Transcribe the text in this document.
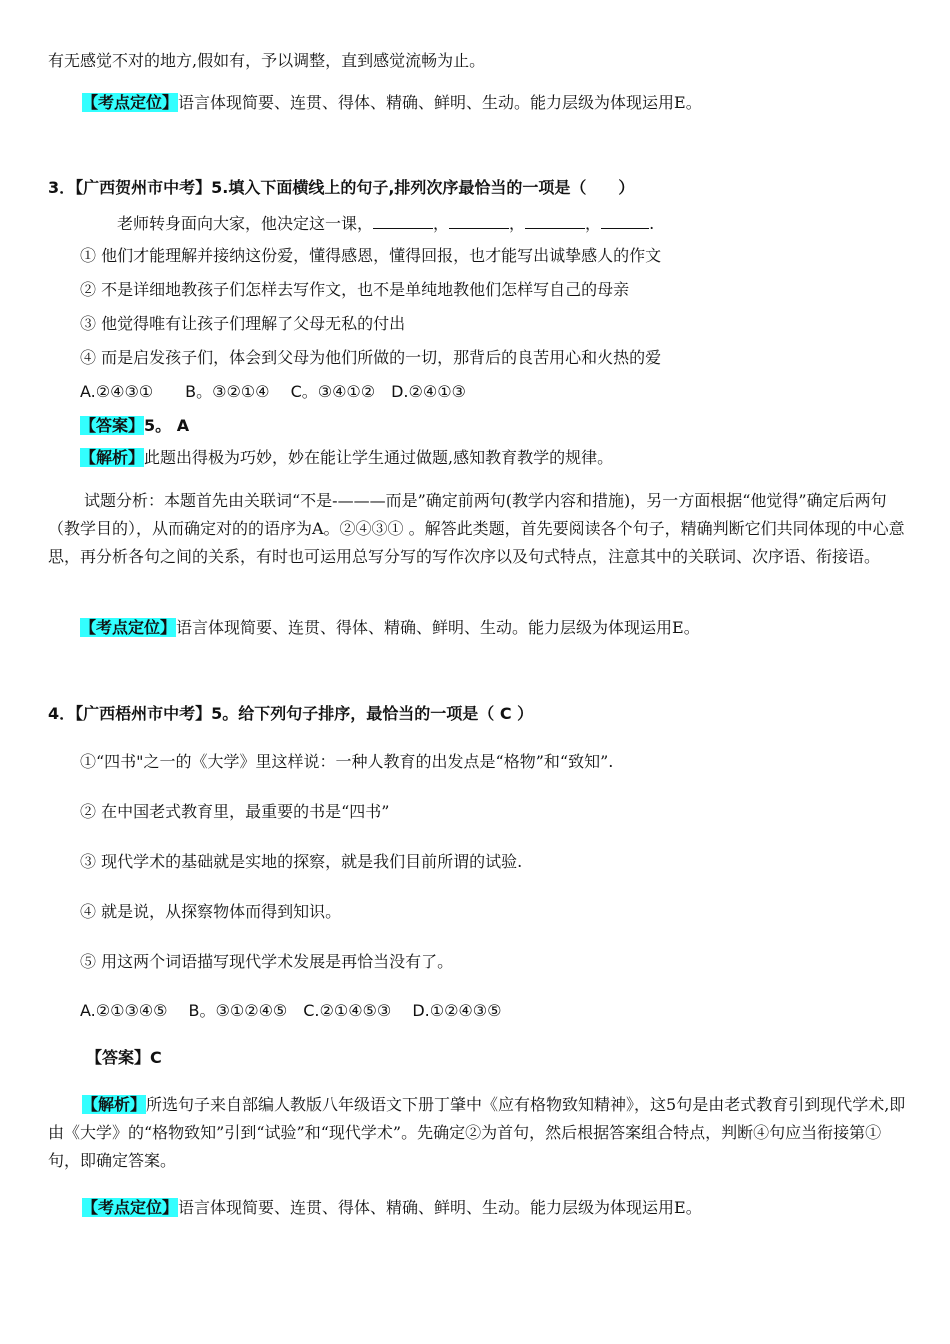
有无感觉不对的地方,假如有，予以调整，直到感觉流畅为止。
【考点定位】语言体现简要、连贯、得体、精确、鲜明、生动。能力层级为体现运用E。
3．【广西贺州市中考】5.填入下面横线上的句子,排列次序最恰当的一项是（　　）
老师转身面向大家，他决定这一课，	，	，	，	.
① 他们才能理解并接纳这份爱，懂得感恩，懂得回报，也才能写出诚挚感人的作文
② 不是详细地教孩子们怎样去写作文，也不是单纯地教他们怎样写自己的母亲
③ 他觉得唯有让孩子们理解了父母无私的付出
④ 而是启发孩子们，体会到父母为他们所做的一切，那背后的良苦用心和火热的爱
A.②④③①　　B。③②①④　 C。③④①②　D.②④①③
【答案】5。 A
【解析】此题出得极为巧妙，妙在能让学生通过做题,感知教育教学的规律。
试题分析：本题首先由关联词“不是-———而是”确定前两句(教学内容和措施)，另一方面根据“他觉得”确定后两句（教学目的），从而确定对的的语序为A。②④③① 。解答此类题，首先要阅读各个句子，精确判断它们共同体现的中心意思，再分析各句之间的关系，有时也可运用总写分写的写作次序以及句式特点，注意其中的关联词、次序语、衔接语。
【考点定位】语言体现简要、连贯、得体、精确、鲜明、生动。能力层级为体现运用E。
4．【广西梧州市中考】5。给下列句子排序，最恰当的一项是（ C ）
①“四书"之一的《大学》里这样说：一种人教育的出发点是“格物”和“致知”.
② 在中国老式教育里，最重要的书是“四书”
③ 现代学术的基础就是实地的探察，就是我们目前所谓的试验.
④ 就是说，从探察物体而得到知识。
⑤ 用这两个词语描写现代学术发展是再恰当没有了。
A.②①③④⑤　 B。③①②④⑤　C.②①④⑤③　 D.①②④③⑤
【答案】C
【解析】所选句子来自部编人教版八年级语文下册丁肇中《应有格物致知精神》，这5句是由老式教育引到现代学术,即由《大学》的“格物致知”引到“试验”和“现代学术”。先确定②为首句，然后根据答案组合特点，判断④句应当衔接第①句，即确定答案。
【考点定位】语言体现简要、连贯、得体、精确、鲜明、生动。能力层级为体现运用E。
